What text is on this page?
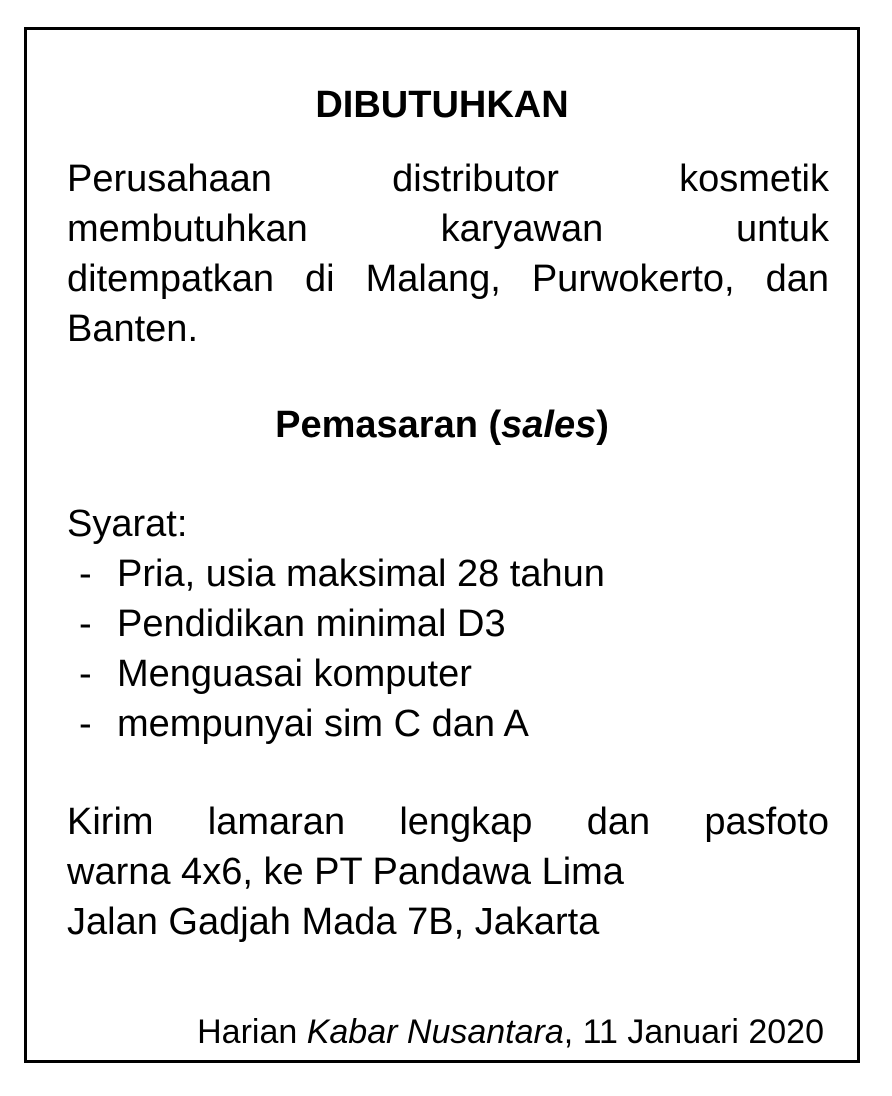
DIBUTUHKAN
Perusahaan distributor kosmetik
membutuhkan karyawan untuk
ditempatkan di Malang, Purwokerto, dan
Banten.
Pemasaran (sales)
Syarat:
- Pria, usia maksimal 28 tahun
- Pendidikan minimal D3
- Menguasai komputer
- mempunyai sim C dan A
Kirim lamaran lengkap dan pasfoto
warna 4x6, ke PT Pandawa Lima
Jalan Gadjah Mada 7B, Jakarta
Harian Kabar Nusantara, 11 Januari 2020
